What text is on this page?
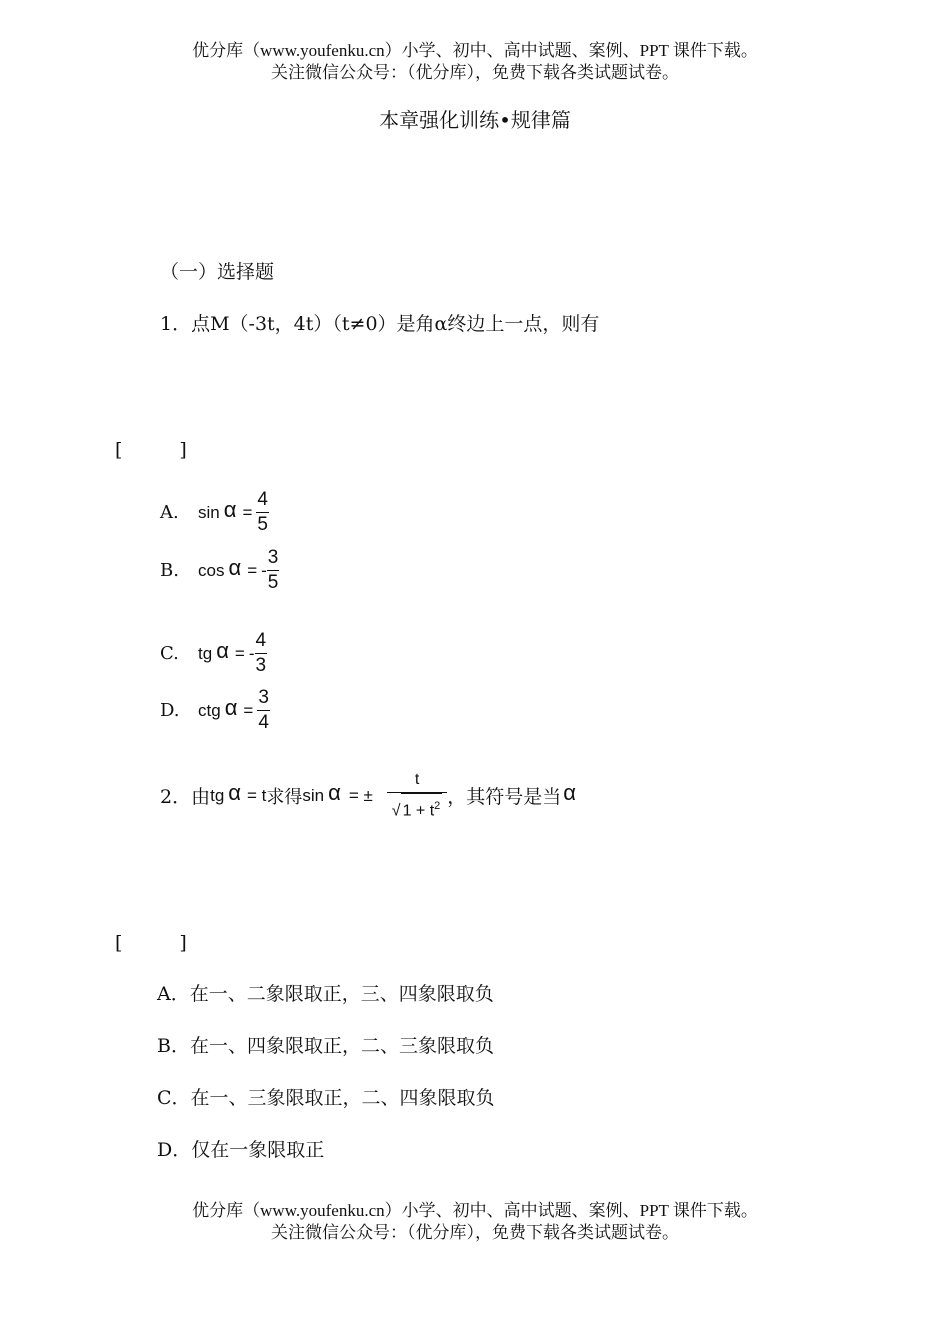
优分库（www.youfenku.cn）小学、初中、高中试题、案例、PPT 课件下载。
关注微信公众号：（优分库），免费下载各类试题试卷。
本章强化训练•规律篇
（一）选择题
1．点M（-3t，4t）（t≠0）是角α终边上一点，则有
[　　　]
A.	$\sin \alpha = \frac{4}{5}$
B.	cos α = - $\frac{3}{5}$
C.	tg α = - $\frac{4}{3}$
D.	ctg $\alpha = \frac{3}{4}$
2．由 tg α = t 求得 sin α = ± $\frac{t}{√ 1 + t^2}$ ，其符号是当 α
[　　　]
A．在一、二象限取正，三、四象限取负
B．在一、四象限取正，二、三象限取负
C．在一、三象限取正，二、四象限取负
D．仅在一象限取正
优分库（www.youfenku.cn）小学、初中、高中试题、案例、PPT 课件下载。
关注微信公众号：（优分库），免费下载各类试题试卷。
